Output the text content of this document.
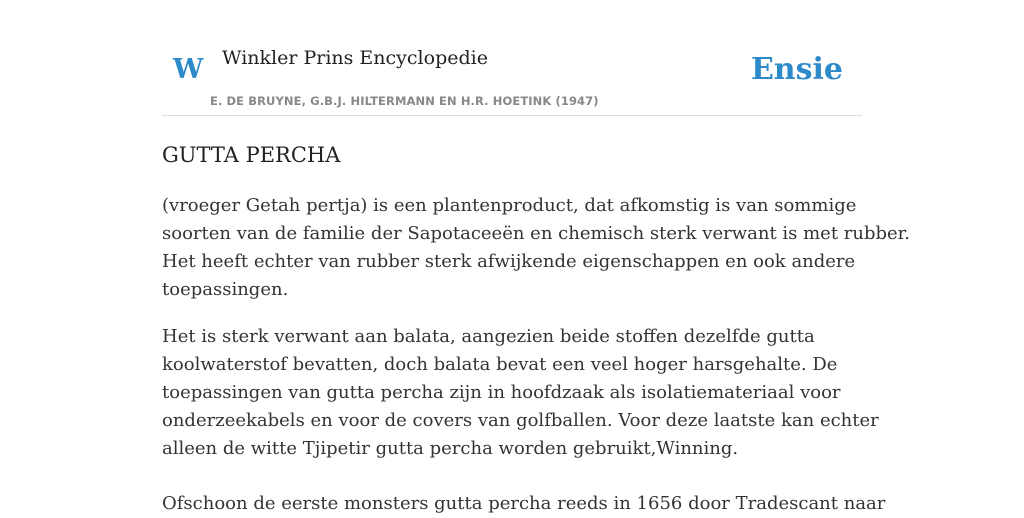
W Winkler Prins Encyclopedie
E. DE BRUYNE, G.B.J. HILTERMANN EN H.R. HOETINK (1947)
Ensie
GUTTA PERCHA

(vroeger Getah pertja) is een plantenproduct, dat afkomstig is van sommige
soorten van de familie der Sapotaceeën en chemisch sterk verwant is met rubber.
Het heeft echter van rubber sterk afwijkende eigenschappen en ook andere
toepassingen.

Het is sterk verwant aan balata, aangezien beide stoffen dezelfde gutta
koolwaterstof bevatten, doch balata bevat een veel hoger harsgehalte. De
toepassingen van gutta percha zijn in hoofdzaak als isolatiemateriaal voor
onderzeekabels en voor de covers van golfballen. Voor deze laatste kan echter
alleen de witte Tjipetir gutta percha worden gebruikt,Winning.

Ofschoon de eerste monsters gutta percha reeds in 1656 door Tradescant naar
